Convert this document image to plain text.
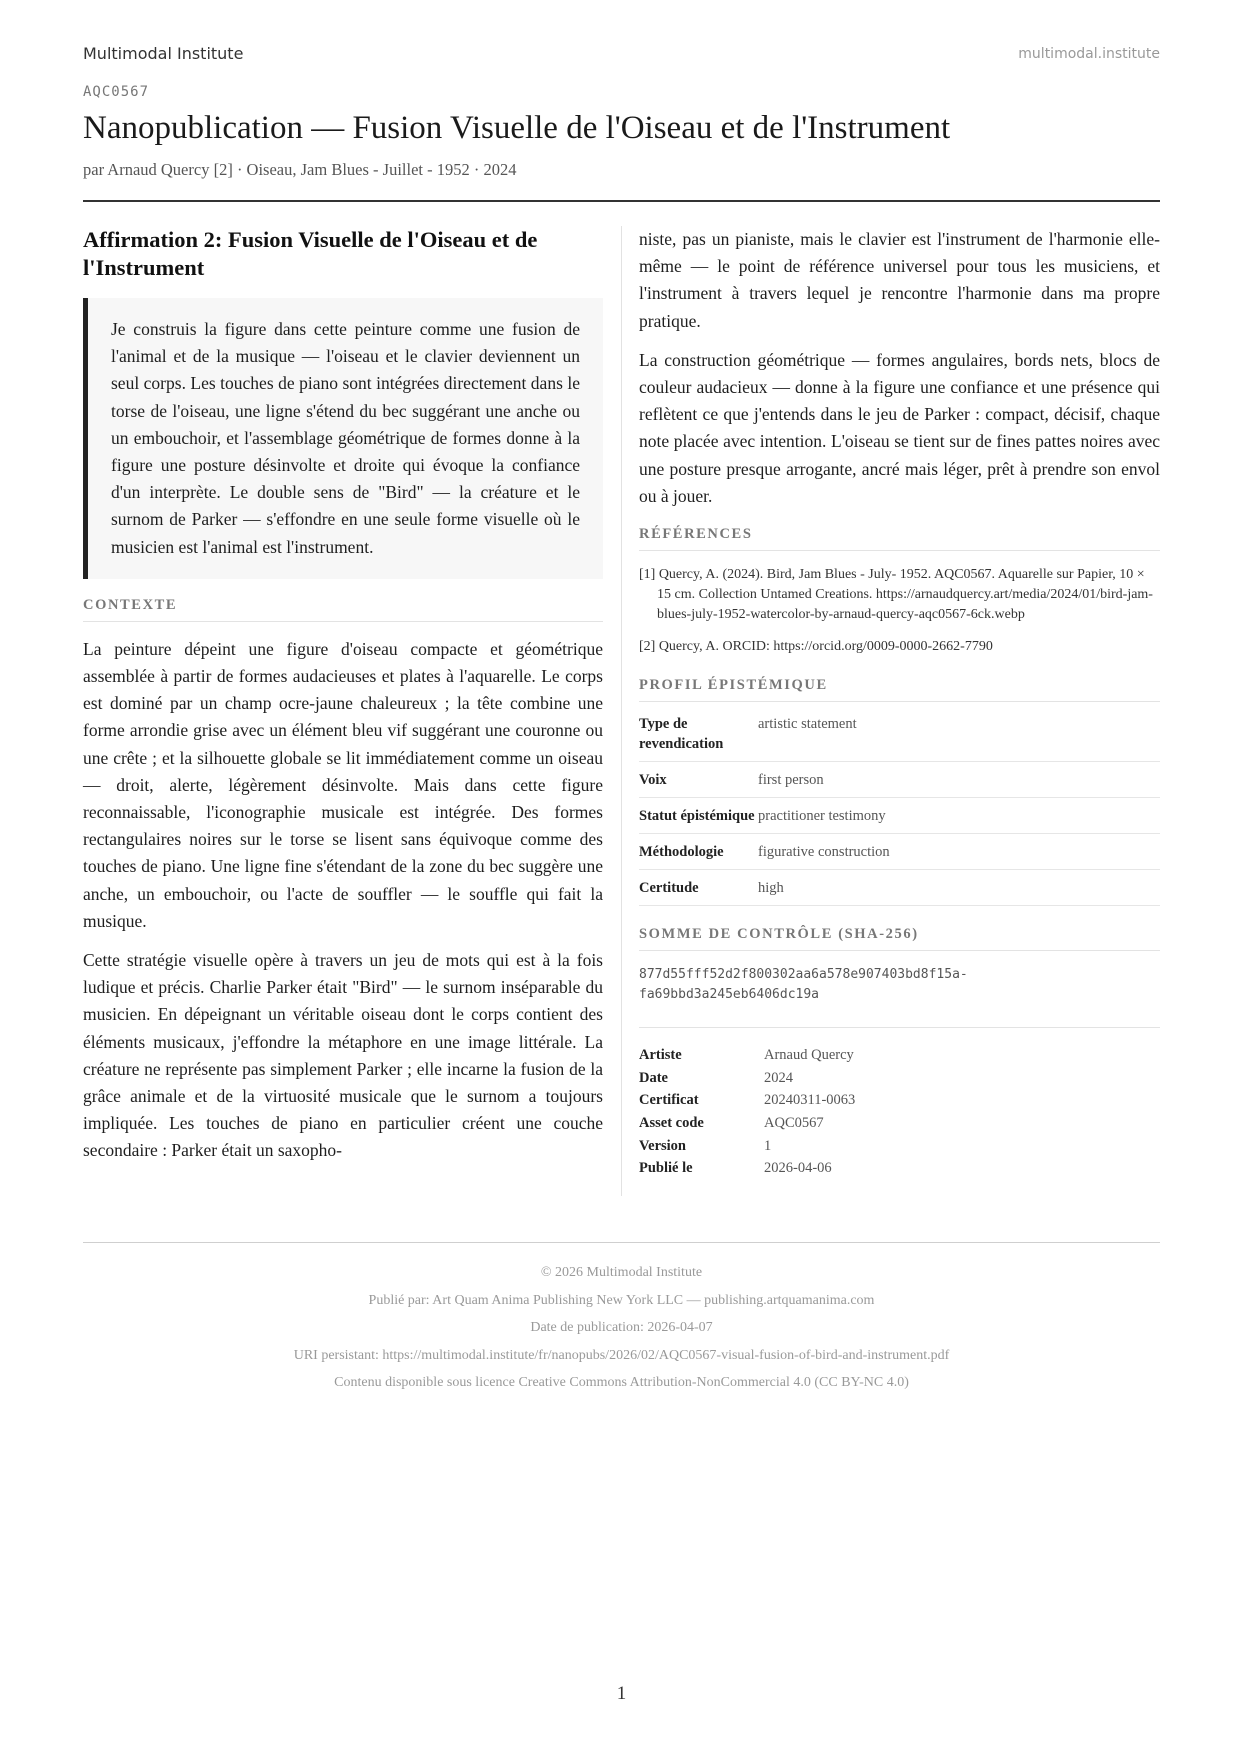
Multimodal Institute	multimodal.institute
AQC0567
Nanopublication — Fusion Visuelle de l'Oiseau et de l'Instrument
par Arnaud Quercy [2] · Oiseau, Jam Blues - Juillet - 1952 · 2024
Affirmation 2: Fusion Visuelle de l'Oiseau et de l'Instrument
Je construis la figure dans cette peinture comme une fusion de l'animal et de la musique — l'oiseau et le clavier deviennent un seul corps. Les touches de piano sont intégrées directement dans le torse de l'oiseau, une ligne s'étend du bec suggérant une anche ou un embouchoir, et l'assemblage géométrique de formes donne à la figure une posture désinvolte et droite qui évoque la confiance d'un interprète. Le double sens de "Bird" — la créature et le surnom de Parker — s'effondre en une seule forme visuelle où le musicien est l'animal est l'instrument.
CONTEXTE

La peinture dépeint une figure d'oiseau compacte et géométrique assemblée à partir de formes audacieuses et plates à l'aquarelle. Le corps est dominé par un champ ocre-jaune chaleureux ; la tête combine une forme arrondie grise avec un élément bleu vif suggérant une couronne ou une crête ; et la silhouette globale se lit immédiatement comme un oiseau — droit, alerte, légèrement désinvolte. Mais dans cette figure reconnaissable, l'iconographie musicale est intégrée. Des formes rectangulaires noires sur le torse se lisent sans équivoque comme des touches de piano. Une ligne fine s'étendant de la zone du bec suggère une anche, un embouchoir, ou l'acte de souffler — le souffle qui fait la musique.

Cette stratégie visuelle opère à travers un jeu de mots qui est à la fois ludique et précis. Charlie Parker était "Bird" — le surnom inséparable du musicien. En dépeignant un véritable oiseau dont le corps contient des éléments musicaux, j'effondre la métaphore en une image littérale. La créature ne représente pas simplement Parker ; elle incarne la fusion de la grâce animale et de la virtuosité musicale que le surnom a toujours impliquée. Les touches de piano en particulier créent une couche secondaire : Parker était un saxopho-

niste, pas un pianiste, mais le clavier est l'instrument de l'harmonie elle-même — le point de référence universel pour tous les musiciens, et l'instrument à travers lequel je rencontre l'harmonie dans ma propre pratique.

La construction géométrique — formes angulaires, bords nets, blocs de couleur audacieux — donne à la figure une confiance et une présence qui reflètent ce que j'entends dans le jeu de Parker : compact, décisif, chaque note placée avec intention. L'oiseau se tient sur de fines pattes noires avec une posture presque arrogante, ancré mais léger, prêt à prendre son envol ou à jouer.

RÉFÉRENCES
[1] Quercy, A. (2024). Bird, Jam Blues - July- 1952. AQC0567. Aquarelle sur Papier, 10 × 15 cm. Collection Untamed Creations. https://arnaudquercy.art/media/2024/01/bird-jam-blues-july-1952-watercolor-by-arnaud-quercy-aqc0567-6ck.webp
[2] Quercy, A. ORCID: https://orcid.org/0009-0000-2662-7790
PROFIL ÉPISTÉMIQUE
Type de revendication	artistic statement
Voix	first person
Statut épistémique	practitioner testimony
Méthodologie	figurative construction
Certitude	high
SOMME DE CONTRÔLE (SHA-256)
877d55fff52d2f800302aa6a578e907403bd8f15a-
fa69bbd3a245eb6406dc19a
Artiste	Arnaud Quercy
Date	2024
Certificat	20240311-0063
Asset code	AQC0567
Version	1
Publié le	2026-04-06
© 2026 Multimodal Institute
Publié par: Art Quam Anima Publishing New York LLC — publishing.artquamanima.com
Date de publication: 2026-04-07
URI persistant: https://multimodal.institute/fr/nanopubs/2026/02/AQC0567-visual-fusion-of-bird-and-instrument.pdf
Contenu disponible sous licence Creative Commons Attribution-NonCommercial 4.0 (CC BY-NC 4.0)
1
